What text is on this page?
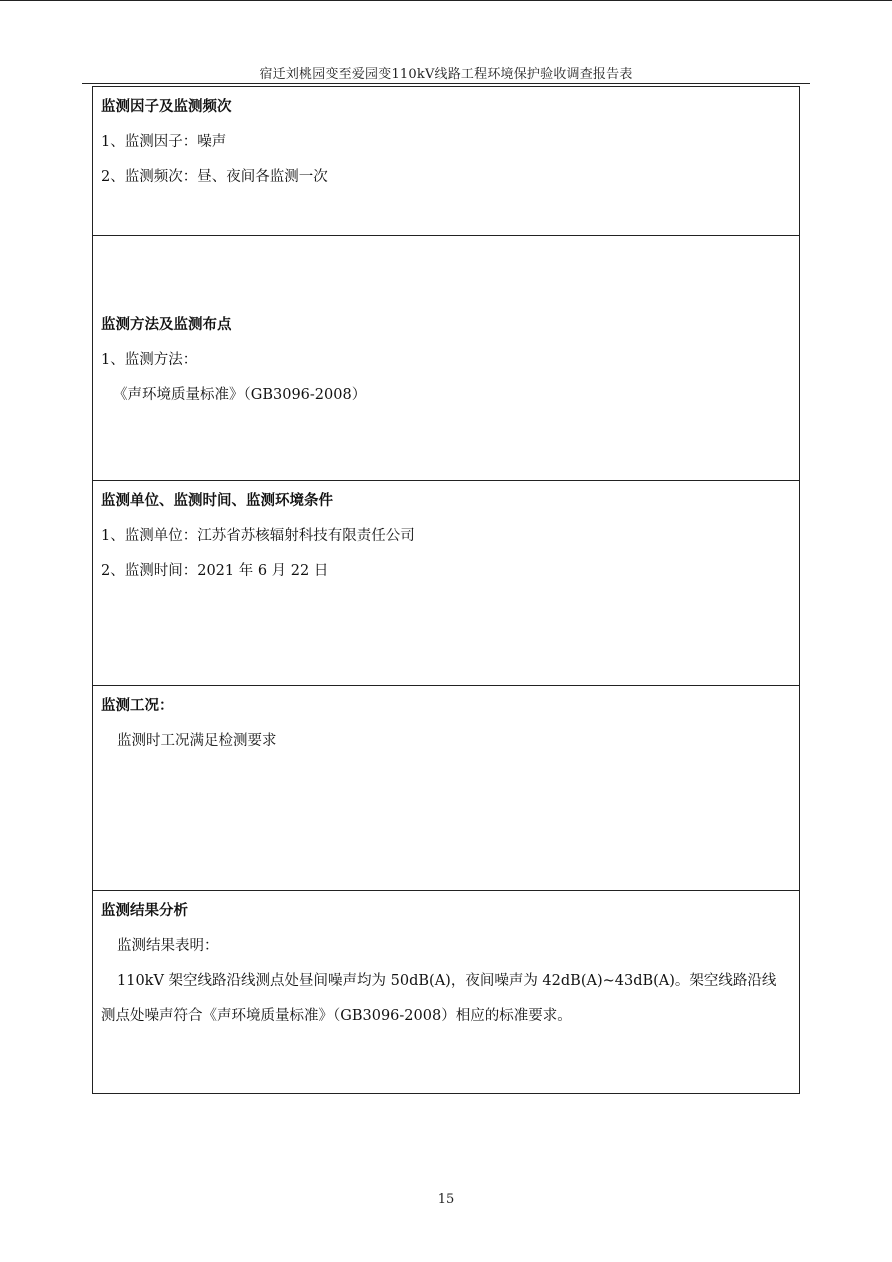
宿迁刘桃园变至爱园变110kV线路工程环境保护验收调查报告表
监测因子及监测频次
1、监测因子：噪声
2、监测频次：昼、夜间各监测一次
监测方法及监测布点
1、监测方法：
《声环境质量标准》（GB3096-2008）
监测单位、监测时间、监测环境条件
1、监测单位：江苏省苏核辐射科技有限责任公司
2、监测时间：2021 年 6 月 22 日
监测工况：
监测时工况满足检测要求
监测结果分析
监测结果表明：
110kV 架空线路沿线测点处昼间噪声均为 50dB(A)，夜间噪声为 42dB(A)~43dB(A)。架空线路沿线
测点处噪声符合《声环境质量标准》（GB3096-2008）相应的标准要求。
15
